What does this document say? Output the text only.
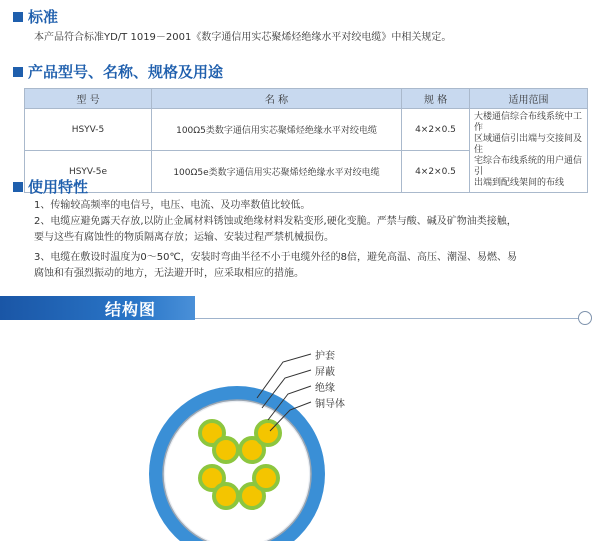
标准
本产品符合标准YD/T 1019－2001《数字通信用实芯聚烯烃绝缘水平对绞电缆》中相关规定。
产品型号、名称、规格及用途
型 号	名 称	规 格	适用范围
HSYV-5	100Ω5类数字通信用实芯聚烯烃绝缘水平对绞电缆	4×2×0.5	大楼通信综合布线系统中工作
区域通信引出端与交接间及住
宅综合布线系统的用户通信引
出端到配线架间的布线

HSYV-5e	100Ω5e类数字通信用实芯聚烯烃绝缘水平对绞电缆	4×2×0.5	
使用特性
1、传输较高频率的电信号，电压、电流、及功率数值比较低。
2、电缆应避免露天存放,以防止金属材料锈蚀或绝缘材料发粘变形,硬化变脆。严禁与酸、碱及矿物油类接触，
要与这些有腐蚀性的物质隔离存放；运输、安装过程严禁机械损伤。
3、电缆在敷设时温度为0～50℃，安装时弯曲半径不小于电缆外径的8倍，避免高温、高压、潮湿、易燃、易
腐蚀和有强烈振动的地方，无法避开时，应采取相应的措施。
结构图
护套
屏蔽
绝缘
铜导体
